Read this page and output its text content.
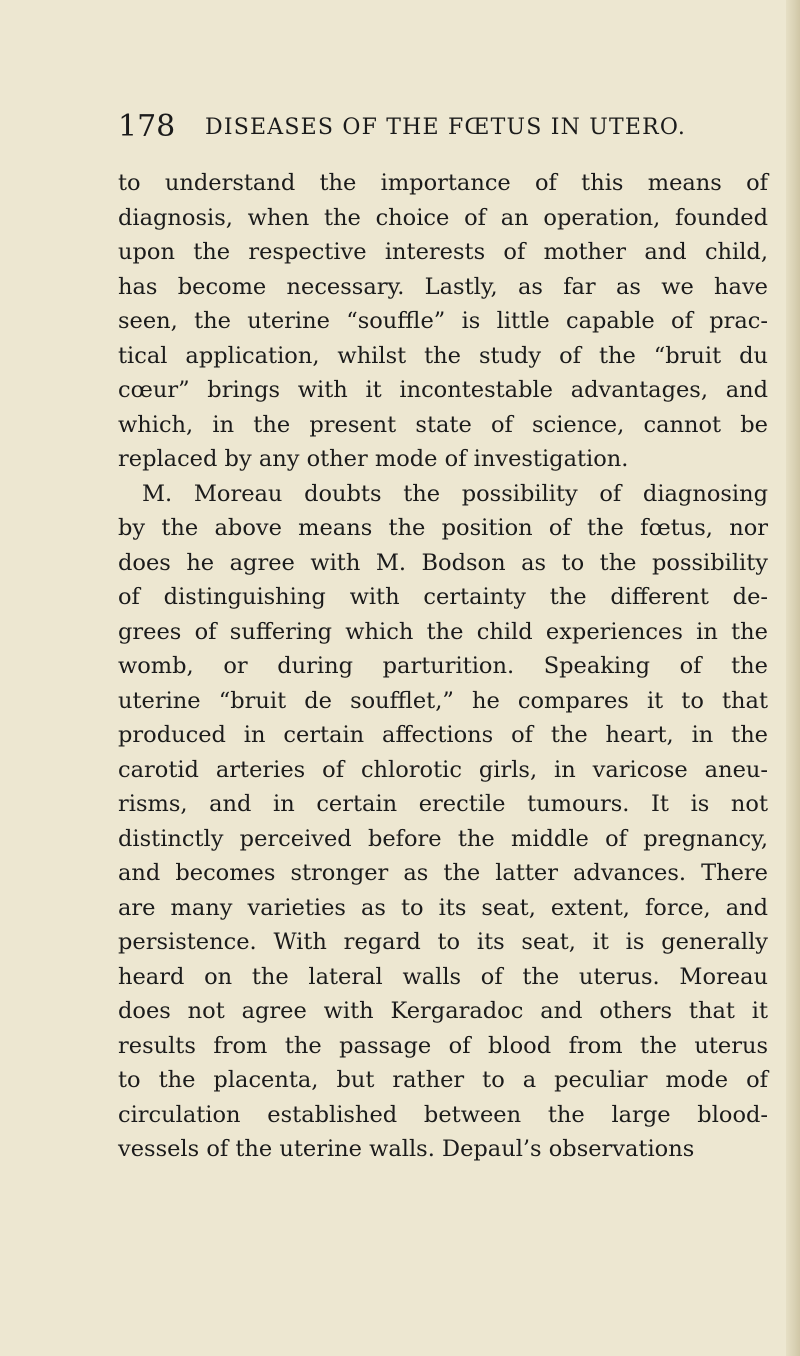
178 DISEASES OF THE FŒTUS IN UTERO.
to understand the importance of this means of
diagnosis, when the choice of an operation, founded
upon the respective interests of mother and child,
has become necessary. Lastly, as far as we have
seen, the uterine “souffle” is little capable of prac-
tical application, whilst the study of the “bruit du
cœur” brings with it incontestable advantages, and
which, in the present state of science, cannot be
replaced by any other mode of investigation.
M. Moreau doubts the possibility of diagnosing
by the above means the position of the fœtus, nor
does he agree with M. Bodson as to the possibility
of distinguishing with certainty the different de-
grees of suffering which the child experiences in the
womb, or during parturition. Speaking of the
uterine “bruit de soufflet,” he compares it to that
produced in certain affections of the heart, in the
carotid arteries of chlorotic girls, in varicose aneu-
risms, and in certain erectile tumours. It is not
distinctly perceived before the middle of pregnancy,
and becomes stronger as the latter advances. There
are many varieties as to its seat, extent, force, and
persistence. With regard to its seat, it is generally
heard on the lateral walls of the uterus. Moreau
does not agree with Kergaradoc and others that it
results from the passage of blood from the uterus
to the placenta, but rather to a peculiar mode of
circulation established between the large blood-
vessels of the uterine walls. Depaul’s observations
